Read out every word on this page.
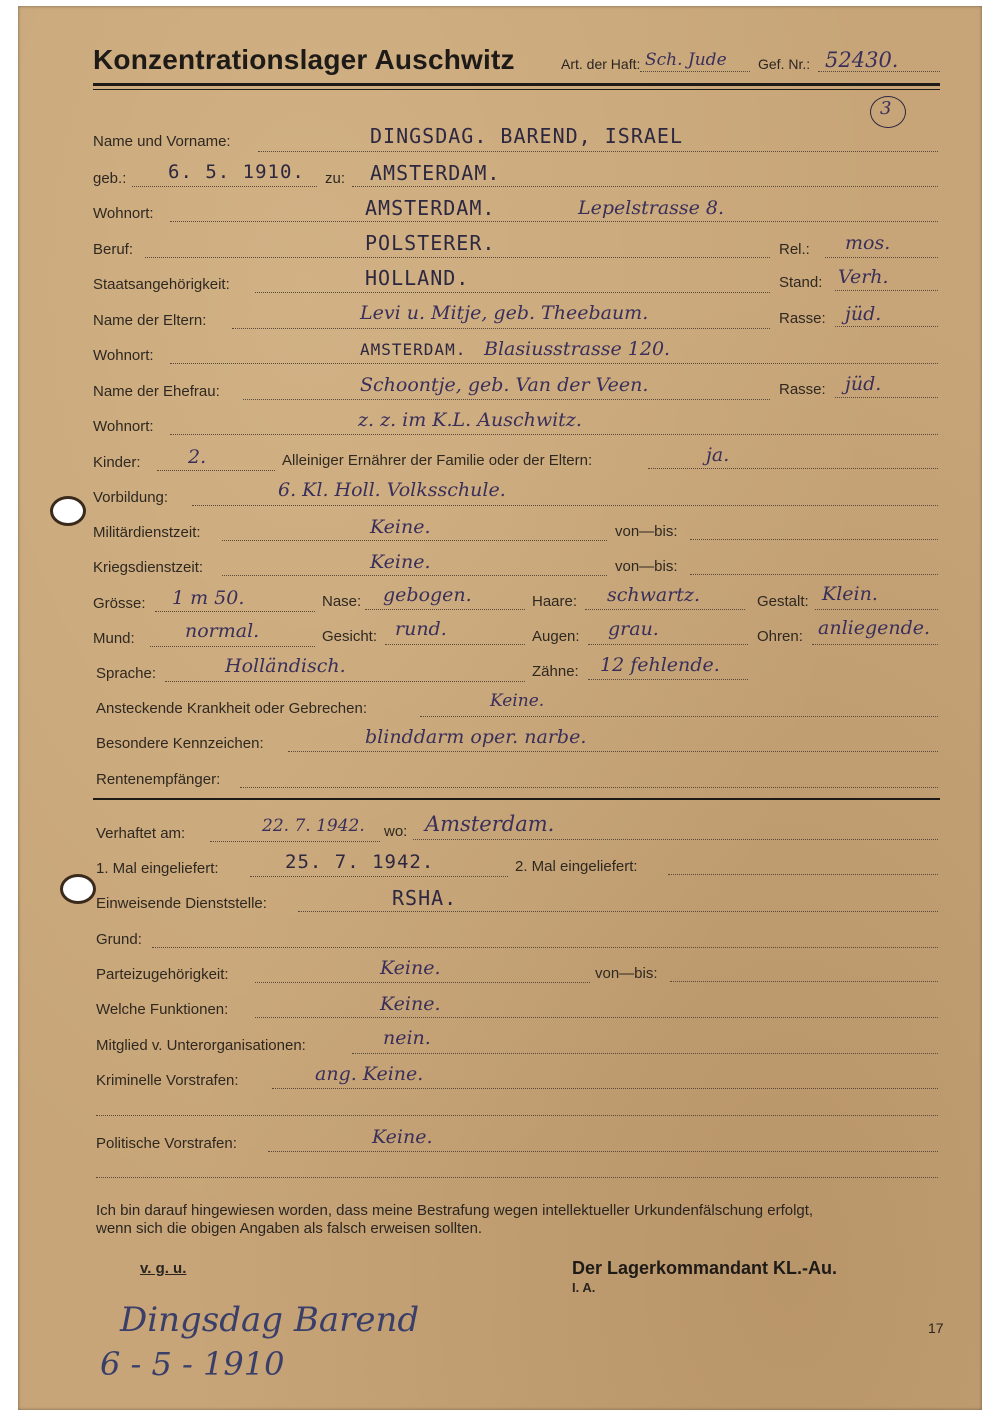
Konzentrationslager Auschwitz	Art. der Haft: Sch. Jude Gef. Nr.: 52430.
3
Name und Vorname:	DINGSDAG. BAREND, ISRAEL
geb.: 6. 5. 1910. zu: AMSTERDAM.
Wohnort:	AMSTERDAM.	Lepelstrasse 8.
Beruf:	POLSTERER.	Rel.: mos.
Staatsangehörigkeit:	HOLLAND.	Stand: Verh.
Name der Eltern:	Levi u. Mitje, geb. Theebaum.	Rasse: jüd.
Wohnort:	AMSTERDAM. Blasiusstrasse 120.
Name der Ehefrau:	Schoontje, geb. Van der Veen.	Rasse: jüd.
Wohnort:	z. z. im K.L. Auschwitz.
Kinder: 2.	Alleiniger Ernährer der Familie oder der Eltern:	ja.
Vorbildung:	6. Kl. Holl. Volksschule.
Militärdienstzeit:	Keine.	von—bis:
Kriegsdienstzeit:	Keine.	von—bis:
Grösse: 1 m 50.	Nase: gebogen.	Haare: schwartz.	Gestalt: Klein.
Mund:	normal.	Gesicht: rund.	Augen: grau.	Ohren: anliegende.
Sprache:	Holländisch.	Zähne: 12 fehlende.
Ansteckende Krankheit oder Gebrechen:	Keine.
Besondere Kennzeichen:	blinddarm oper. narbe.
Rentenempfänger:
Verhaftet am:	22. 7. 1942. wo: Amsterdam.
1. Mal eingeliefert:	25. 7. 1942.	2. Mal eingeliefert:
Einweisende Dienststelle:	RSHA.
Grund:
Parteizugehörigkeit:	Keine.	von—bis:
Welche Funktionen:	Keine.
Mitglied v. Unterorganisationen:	nein.
Kriminelle Vorstrafen:	ang. Keine.
Politische Vorstrafen:	Keine.
Ich bin darauf hingewiesen worden, dass meine Bestrafung wegen intellektueller Urkundenfälschung erfolgt,
wenn sich die obigen Angaben als falsch erweisen sollten.
v. g. u.	Der Lagerkommandant KL.-Au.
I. A.
Dingsdag Barend
6 - 5 - 1910
17
